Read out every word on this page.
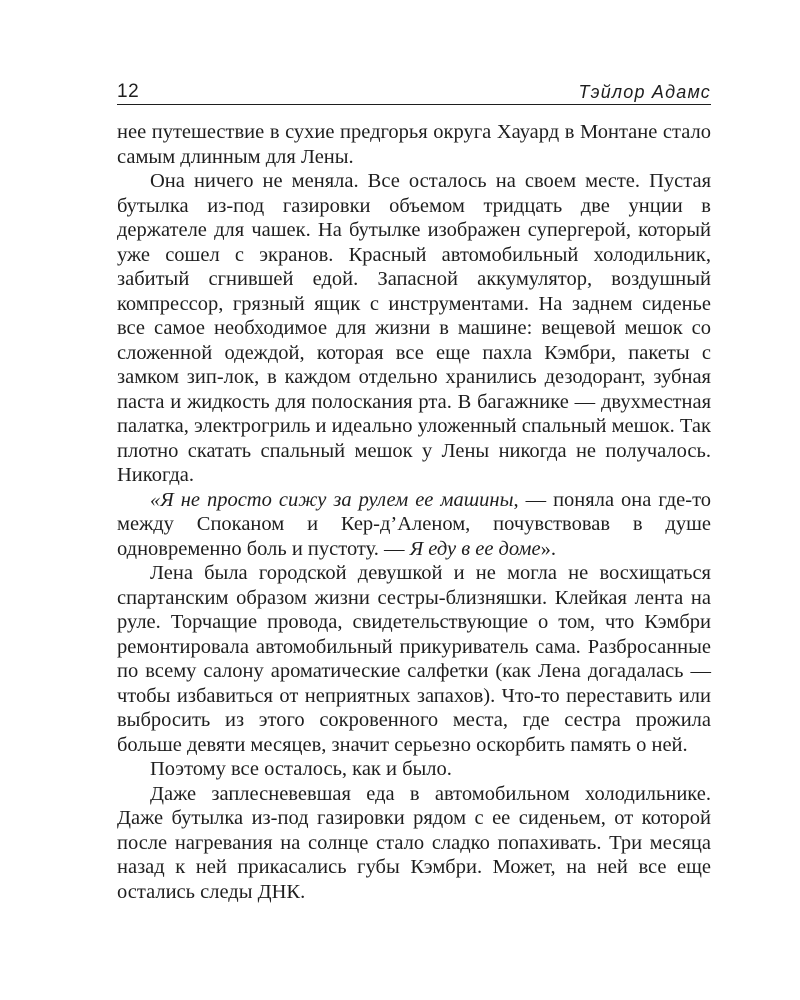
12	Тэйлор Адамс

нее путешествие в сухие предгорья округа Хауард в Монтане стало самым длинным для Лены.

Она ничего не меняла. Все осталось на своем месте. Пустая бутылка из-под газировки объемом тридцать две унции в держателе для чашек. На бутылке изображен супергерой, который уже сошел с экранов. Красный автомобильный холодильник, забитый сгнившей едой. Запасной аккумулятор, воздушный компрессор, грязный ящик с инструментами. На заднем сиденье все самое необходимое для жизни в машине: вещевой мешок со сложенной одеждой, которая все еще пахла Кэмбри, пакеты с замком зип-лок, в каждом отдельно хранились дезодорант, зубная паста и жидкость для полоскания рта. В багажнике — двухместная палатка, электрогриль и идеально уложенный спальный мешок. Так плотно скатать спальный мешок у Лены никогда не получалось. Никогда.

«Я не просто сижу за рулем ее машины, — поняла она где-то между Споканом и Кер-д’Аленом, почувствовав в душе одновременно боль и пустоту. — Я еду в ее доме».

Лена была городской девушкой и не могла не восхищаться спартанским образом жизни сестры-близняшки. Клейкая лента на руле. Торчащие провода, свидетельствующие о том, что Кэмбри ремонтировала автомобильный прикуриватель сама. Разбросанные по всему салону ароматические салфетки (как Лена догадалась — чтобы избавиться от неприятных запахов). Что-то переставить или выбросить из этого сокровенного места, где сестра прожила больше девяти месяцев, значит серьезно оскорбить память о ней.

Поэтому все осталось, как и было.

Даже заплесневевшая еда в автомобильном холодильнике. Даже бутылка из-под газировки рядом с ее сиденьем, от которой после нагревания на солнце стало сладко попахивать. Три месяца назад к ней прикасались губы Кэмбри. Может, на ней все еще остались следы ДНК.
